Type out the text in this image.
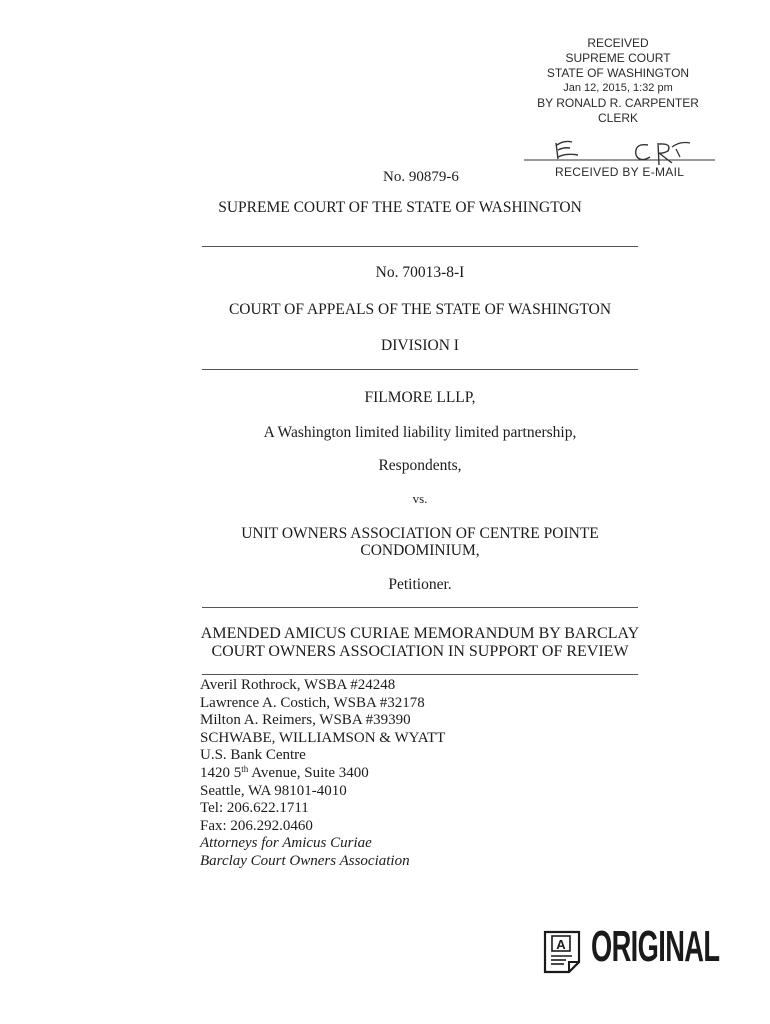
RECEIVED
SUPREME COURT
STATE OF WASHINGTON
Jan 12, 2015, 1:32 pm
BY RONALD R. CARPENTER
CLERK
RECEIVED BY E-MAIL
No. 90879-6
SUPREME COURT OF THE STATE OF WASHINGTON
No. 70013-8-I
COURT OF APPEALS OF THE STATE OF WASHINGTON
DIVISION I
FILMORE LLLP,
A Washington limited liability limited partnership,
Respondents,
vs.
UNIT OWNERS ASSOCIATION OF CENTRE POINTE
CONDOMINIUM,
Petitioner.
AMENDED AMICUS CURIAE MEMORANDUM BY BARCLAY
COURT OWNERS ASSOCIATION IN SUPPORT OF REVIEW
Averil Rothrock, WSBA #24248
Lawrence A. Costich, WSBA #32178
Milton A. Reimers, WSBA #39390
SCHWABE, WILLIAMSON & WYATT
U.S. Bank Centre
1420 5th Avenue, Suite 3400
Seattle, WA 98101-4010
Tel: 206.622.1711
Fax: 206.292.0460
Attorneys for Amicus Curiae
Barclay Court Owners Association
A ORIGINAL
